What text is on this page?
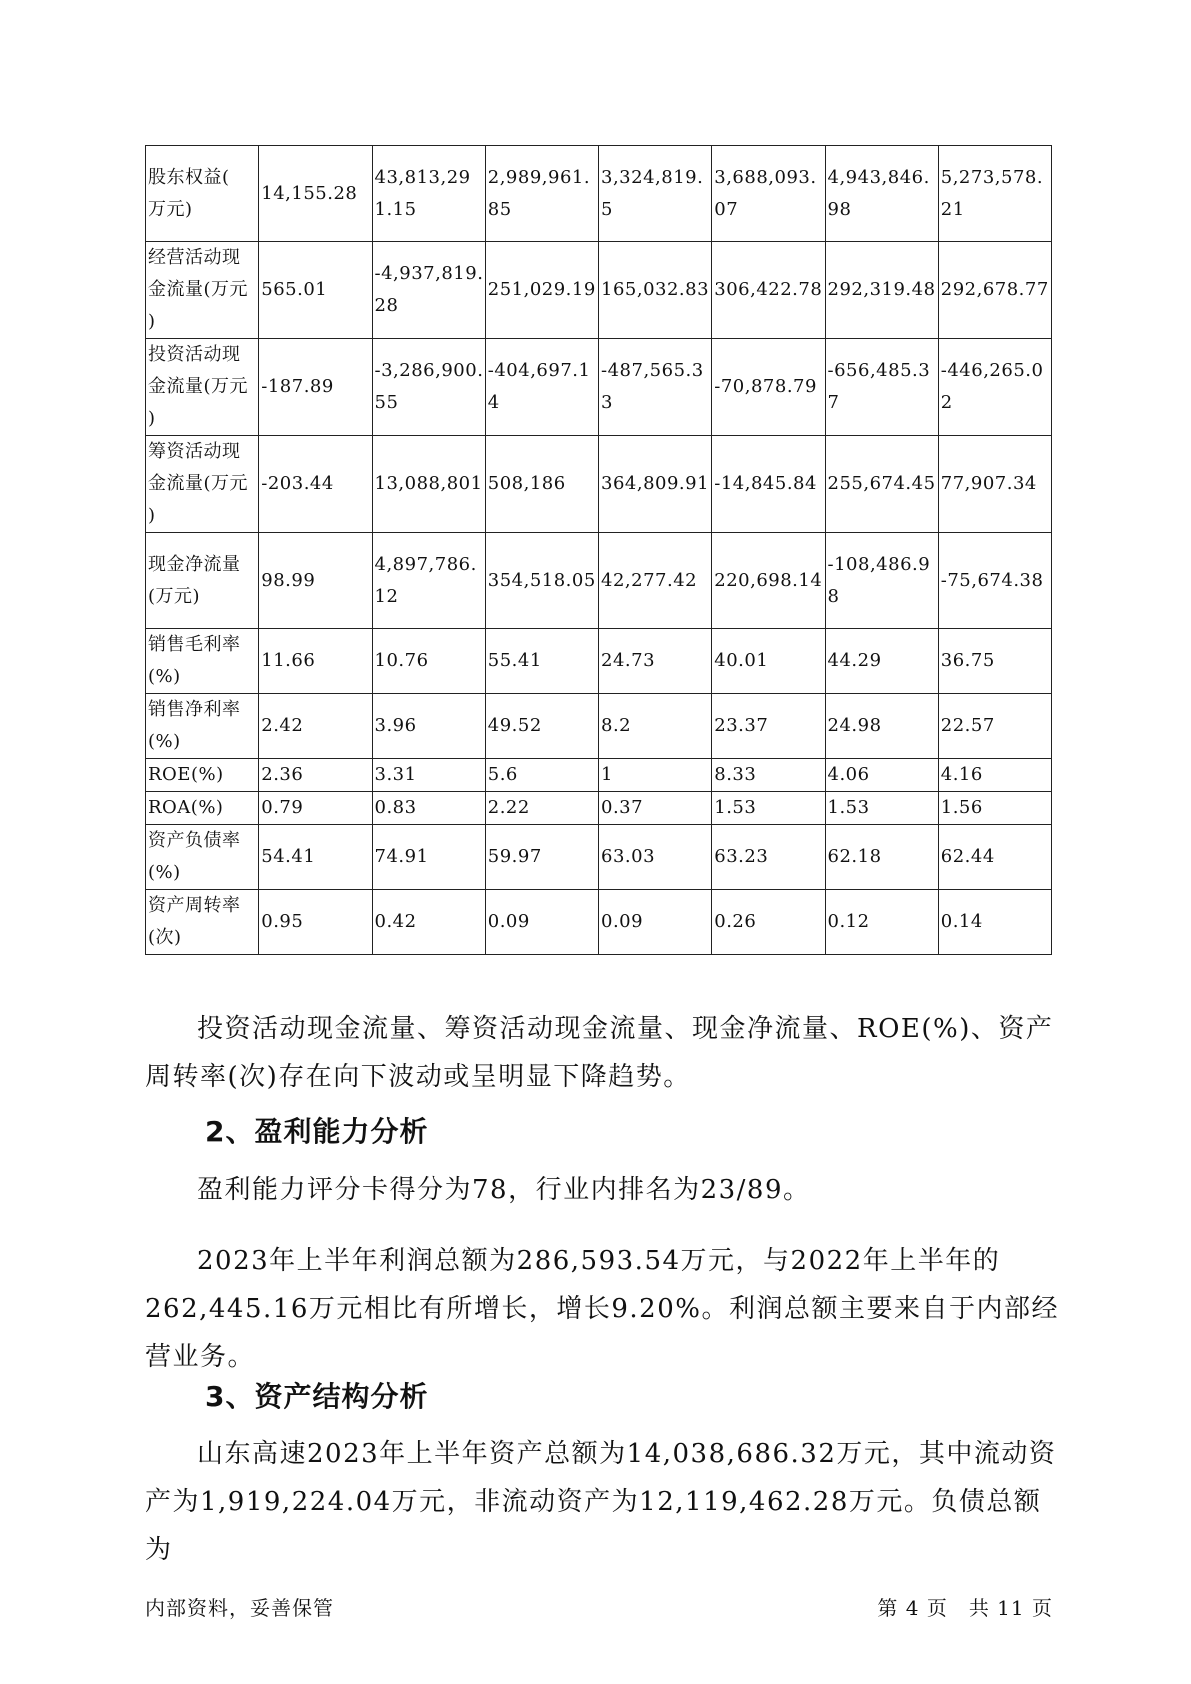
股东权益(
万元)	14,155.28	43,813,291.15	2,989,961.85	3,324,819.5	3,688,093.07	4,943,846.98	5,273,578.21

经营活动现
金流量(万元
)	565.01	-4,937,819.28	251,029.19	165,032.83	306,422.78	292,319.48	292,678.77

投资活动现
金流量(万元
)	-187.89	-3,286,900.55	-404,697.14	-487,565.33	-70,878.79	-656,485.37	-446,265.02

筹资活动现
金流量(万元
)	-203.44	13,088,801	508,186	364,809.91	-14,845.84	255,674.45	77,907.34

现金净流量
(万元)	98.99	4,897,786.12	354,518.05	42,277.42	220,698.14	-108,486.98	-75,674.38

销售毛利率
(%)	11.66	10.76	55.41	24.73	40.01	44.29	36.75

销售净利率
(%)	2.42	3.96	49.52	8.2	23.37	24.98	22.57

ROE(%)	2.36	3.31	5.6	1	8.33	4.06	4.16

ROA(%)	0.79	0.83	2.22	0.37	1.53	1.53	1.56

资产负债率
(%)	54.41	74.91	59.97	63.03	63.23	62.18	62.44

资产周转率
(次)	0.95	0.42	0.09	0.09	0.26	0.12	0.14

投资活动现金流量、筹资活动现金流量、现金净流量、ROE(%)、资产周转率(次)存在向下波动或呈明显下降趋势。

2、盈利能力分析

盈利能力评分卡得分为78，行业内排名为23/89。

2023年上半年利润总额为286,593.54万元，与2022年上半年的262,445.16万元相比有所增长，增长9.20%。利润总额主要来自于内部经营业务。

3、资产结构分析

山东高速2023年上半年资产总额为14,038,686.32万元，其中流动资产为1,919,224.04万元，非流动资产为12,119,462.28万元。负债总额为

内部资料，妥善保管	第 4 页　共 11 页
